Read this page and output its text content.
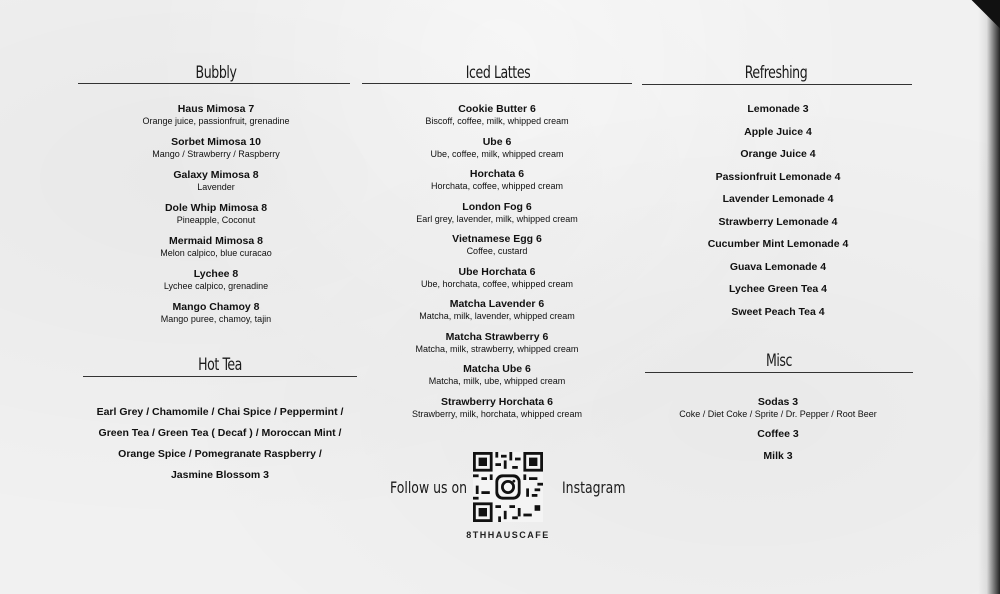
Bubbly	Iced Lattes	Refreshing
Hot Tea	Misc
Haus Mimosa 7
Orange juice, passionfruit, grenadine
Sorbet Mimosa 10
Mango / Strawberry / Raspberry
Galaxy Mimosa 8
Lavender
Dole Whip Mimosa 8
Pineapple, Coconut
Mermaid Mimosa 8
Melon calpico, blue curacao
Lychee 8
Lychee calpico, grenadine
Mango Chamoy 8
Mango puree, chamoy, tajin
Cookie Butter 6
Biscoff, coffee, milk, whipped cream
Ube 6
Ube, coffee, milk, whipped cream
Horchata 6
Horchata, coffee, whipped cream
London Fog 6
Earl grey, lavender, milk, whipped cream
Vietnamese Egg 6
Coffee, custard
Ube Horchata 6
Ube, horchata, coffee, whipped cream
Matcha Lavender 6
Matcha, milk, lavender, whipped cream
Matcha Strawberry 6
Matcha, milk, strawberry, whipped cream
Matcha Ube 6
Matcha, milk, ube, whipped cream
Strawberry Horchata 6
Strawberry, milk, horchata, whipped cream
Lemonade 3
Apple Juice 4
Orange Juice 4
Passionfruit Lemonade 4
Lavender Lemonade 4
Strawberry Lemonade 4
Cucumber Mint Lemonade 4
Guava Lemonade 4
Lychee Green Tea 4
Sweet Peach Tea 4
Earl Grey / Chamomile / Chai Spice / Peppermint /
Green Tea / Green Tea ( Decaf ) / Moroccan Mint /
Orange Spice / Pomegranate Raspberry /
Jasmine Blossom 3
Sodas 3
Coke / Diet Coke / Sprite / Dr. Pepper / Root Beer
Coffee 3
Milk 3
Follow us on	Instagram
8THHAUSCAFE
